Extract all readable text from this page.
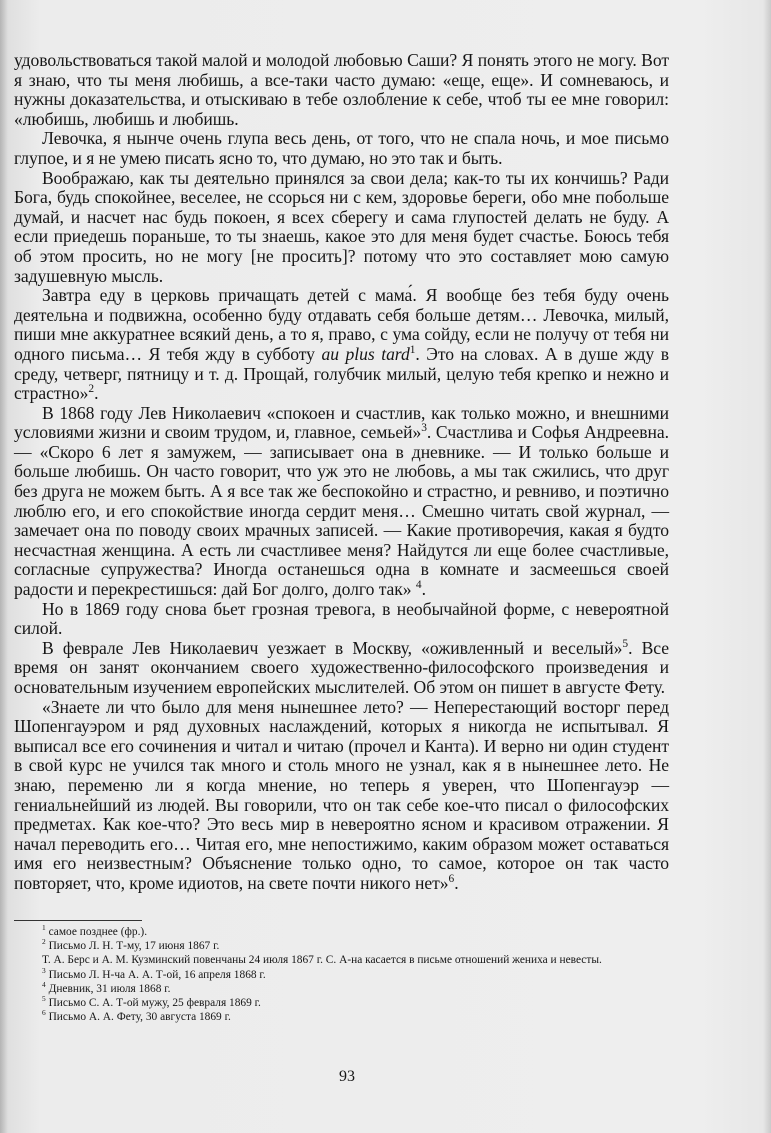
удовольствоваться такой малой и молодой любовью Саши? Я понять этого не могу. Вот я знаю, что ты меня любишь, а все-таки часто думаю: «еще, еще». И сомневаюсь, и нужны доказательства, и отыскиваю в тебе озлобление к себе, чтоб ты ее мне говорил: «любишь, любишь и любишь.

Левочка, я нынче очень глупа весь день, от того, что не спала ночь, и мое письмо глупое, и я не умею писать ясно то, что думаю, но это так и быть.

Воображаю, как ты деятельно принялся за свои дела; как-то ты их кончишь? Ради Бога, будь спокойнее, веселее, не ссорься ни с кем, здоровье береги, обо мне побольше думай, и насчет нас будь покоен, я всех сберегу и сама глупостей делать не буду. А если приедешь пораньше, то ты знаешь, какое это для меня будет счастье. Боюсь тебя об этом просить, но не могу [не просить]? потому что это составляет мою самую задушевную мысль.

Завтра еду в церковь причащать детей с мама́. Я вообще без тебя буду очень деятельна и подвижна, особенно буду отдавать себя больше детям… Левочка, милый, пиши мне аккуратнее всякий день, а то я, право, с ума сойду, если не получу от тебя ни одного письма… Я тебя жду в субботу au plus tard$^1$. Это на словах. А в душе жду в среду, четверг, пятницу и т. д. Прощай, голубчик милый, целую тебя крепко и нежно и страстно»$^2$.

В 1868 году Лев Николаевич «спокоен и счастлив, как только можно, и внешними условиями жизни и своим трудом, и, главное, семьей»$^3$. Счастлива и Софья Андреевна. — «Скоро 6 лет я замужем, — записывает она в дневнике. — И только больше и больше любишь. Он часто говорит, что уж это не любовь, а мы так сжились, что друг без друга не можем быть. А я все так же беспокойно и страстно, и ревниво, и поэтично люблю его, и его спокойствие иногда сердит меня… Смешно читать свой журнал, — замечает она по поводу своих мрачных записей. — Какие противоречия, какая я будто несчастная женщина. А есть ли счастливее меня? Найдутся ли еще более счастливые, согласные супружества? Иногда останешься одна в комнате и засмеешься своей радости и перекрестишься: дай Бог долго, долго так» $^4$.

Но в 1869 году снова бьет грозная тревога, в необычайной форме, с невероятной силой.

В феврале Лев Николаевич уезжает в Москву, «оживленный и веселый»$^5$. Все время он занят окончанием своего художественно-философского произведения и основательным изучением европейских мыслителей. Об этом он пишет в августе Фету.

«Знаете ли что было для меня нынешнее лето? — Неперестающий восторг перед Шопенгауэром и ряд духовных наслаждений, которых я никогда не испытывал. Я выписал все его сочинения и читал и читаю (прочел и Канта). И верно ни один студент в свой курс не учился так много и столь много не узнал, как я в нынешнее лето. Не знаю, переменю ли я когда мнение, но теперь я уверен, что Шопенгауэр — гениальнейший из людей. Вы говорили, что он так себе кое-что писал о философских предметах. Как кое-что? Это весь мир в невероятно ясном и красивом отражении. Я начал переводить его… Читая его, мне непостижимо, каким образом может оставаться имя его неизвестным? Объяснение только одно, то самое, которое он так часто повторяет, что, кроме идиотов, на свете почти никого нет»$^6$.

$^1$ самое позднее (фр.).

$^2$ Письмо Л. Н. Т-му, 17 июня 1867 г.

Т. А. Берс и А. М. Кузминский повенчаны 24 июля 1867 г. С. А-на касается в письме отношений жениха и невесты.

$^3$ Письмо Л. Н-ча А. А. Т-ой, 16 апреля 1868 г.

$^4$ Дневник, 31 июля 1868 г.

$^5$ Письмо С. А. Т-ой мужу, 25 февраля 1869 г.

$^6$ Письмо А. А. Фету, 30 августа 1869 г.

93
